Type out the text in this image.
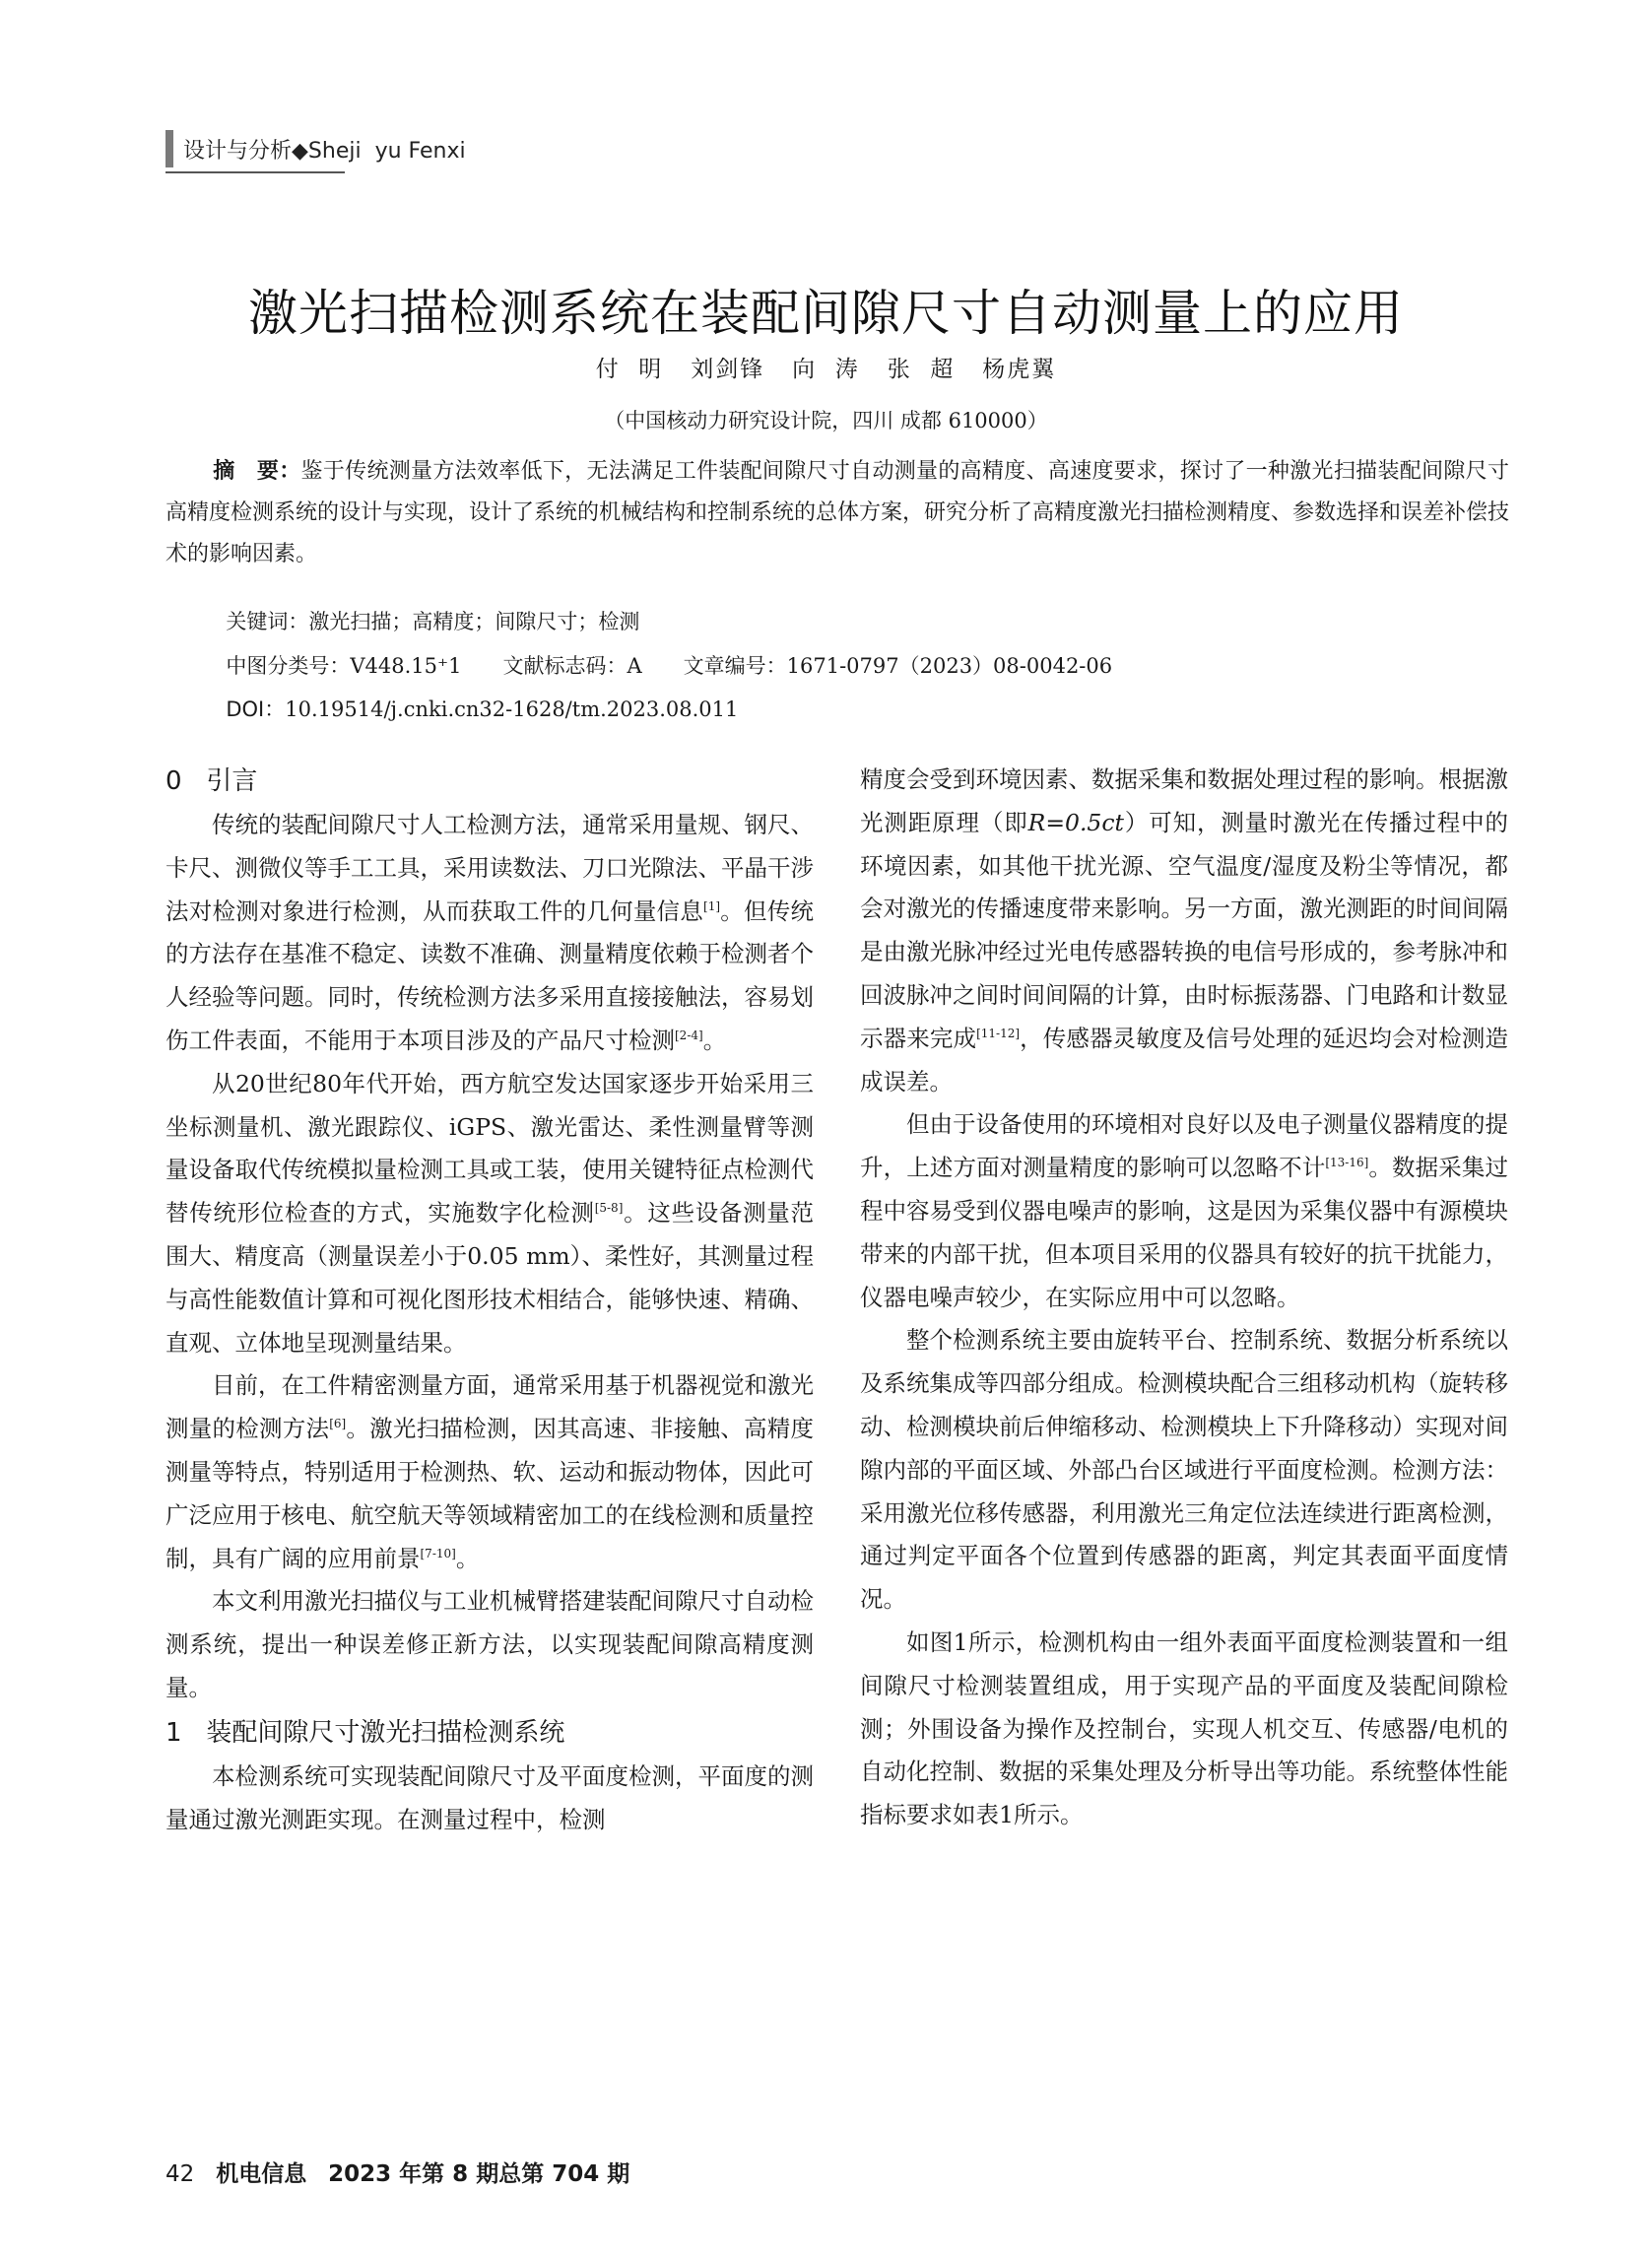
设计与分析◆Sheji  yu Fenxi
激光扫描检测系统在装配间隙尺寸自动测量上的应用
付  明   刘剑锋   向  涛   张  超   杨虎翼
（中国核动力研究设计院，四川 成都 610000）
摘　要：鉴于传统测量方法效率低下，无法满足工件装配间隙尺寸自动测量的高精度、高速度要求，探讨了一种激光扫描装配间隙尺寸高精度检测系统的设计与实现，设计了系统的机械结构和控制系统的总体方案，研究分析了高精度激光扫描检测精度、参数选择和误差补偿技术的影响因素。

关键词：激光扫描；高精度；间隙尺寸；检测

中图分类号：V448.15⁺1 文献标志码：A 文章编号：1671-0797（2023）08-0042-06

DOI：10.19514/j.cnki.cn32-1628/tm.2023.08.011

0   引言

传统的装配间隙尺寸人工检测方法，通常采用量规、钢尺、卡尺、测微仪等手工工具，采用读数法、刀口光隙法、平晶干涉法对检测对象进行检测，从而获取工件的几何量信息[1]。但传统的方法存在基准不稳定、读数不准确、测量精度依赖于检测者个人经验等问题。同时，传统检测方法多采用直接接触法，容易划伤工件表面，不能用于本项目涉及的产品尺寸检测[2-4]。

从20世纪80年代开始，西方航空发达国家逐步开始采用三坐标测量机、激光跟踪仪、iGPS、激光雷达、柔性测量臂等测量设备取代传统模拟量检测工具或工装，使用关键特征点检测代替传统形位检查的方式，实施数字化检测[5-8]。这些设备测量范围大、精度高（测量误差小于0.05 mm）、柔性好，其测量过程与高性能数值计算和可视化图形技术相结合，能够快速、精确、直观、立体地呈现测量结果。

目前，在工件精密测量方面，通常采用基于机器视觉和激光测量的检测方法[6]。激光扫描检测，因其高速、非接触、高精度测量等特点，特别适用于检测热、软、运动和振动物体，因此可广泛应用于核电、航空航天等领域精密加工的在线检测和质量控制，具有广阔的应用前景[7-10]。

本文利用激光扫描仪与工业机械臂搭建装配间隙尺寸自动检测系统，提出一种误差修正新方法，以实现装配间隙高精度测量。

1   装配间隙尺寸激光扫描检测系统

本检测系统可实现装配间隙尺寸及平面度检测，平面度的测量通过激光测距实现。在测量过程中，检测

精度会受到环境因素、数据采集和数据处理过程的影响。根据激光测距原理（即R=0.5ct）可知，测量时激光在传播过程中的环境因素，如其他干扰光源、空气温度/湿度及粉尘等情况，都会对激光的传播速度带来影响。另一方面，激光测距的时间间隔是由激光脉冲经过光电传感器转换的电信号形成的，参考脉冲和回波脉冲之间时间间隔的计算，由时标振荡器、门电路和计数显示器来完成[11-12]，传感器灵敏度及信号处理的延迟均会对检测造成误差。

但由于设备使用的环境相对良好以及电子测量仪器精度的提升，上述方面对测量精度的影响可以忽略不计[13-16]。数据采集过程中容易受到仪器电噪声的影响，这是因为采集仪器中有源模块带来的内部干扰，但本项目采用的仪器具有较好的抗干扰能力，仪器电噪声较少，在实际应用中可以忽略。

整个检测系统主要由旋转平台、控制系统、数据分析系统以及系统集成等四部分组成。检测模块配合三组移动机构（旋转移动、检测模块前后伸缩移动、检测模块上下升降移动）实现对间隙内部的平面区域、外部凸台区域进行平面度检测。检测方法：采用激光位移传感器，利用激光三角定位法连续进行距离检测，通过判定平面各个位置到传感器的距离，判定其表面平面度情况。

如图1所示，检测机构由一组外表面平面度检测装置和一组间隙尺寸检测装置组成，用于实现产品的平面度及装配间隙检测；外围设备为操作及控制台，实现人机交互、传感器/电机的自动化控制、数据的采集处理及分析导出等功能。系统整体性能指标要求如表1所示。

42 机电信息 2023 年第 8 期总第 704 期
